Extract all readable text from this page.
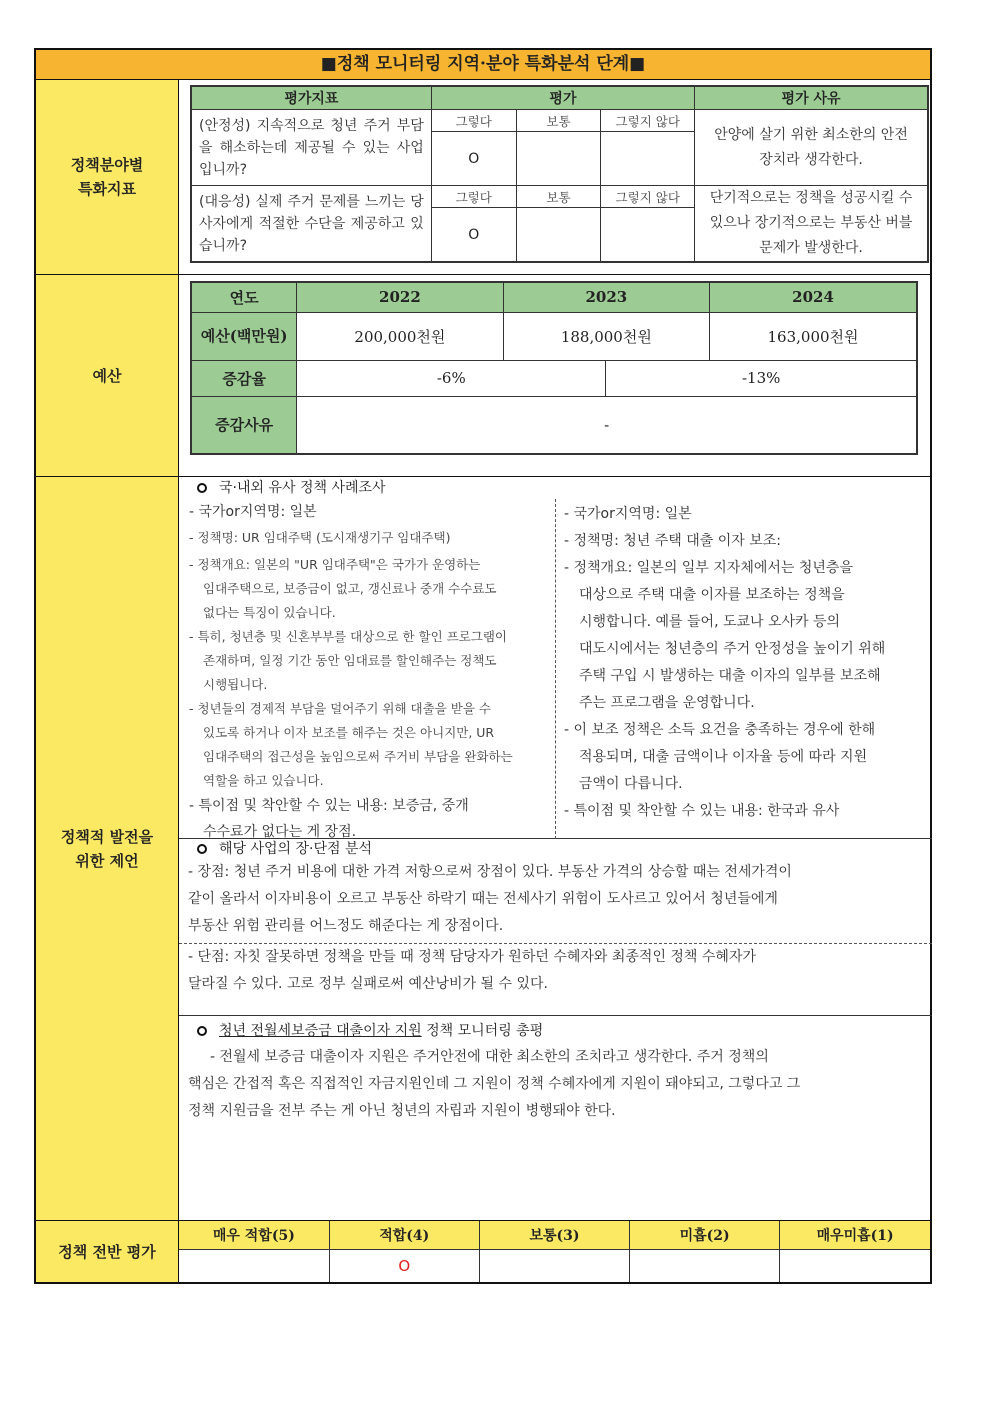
■정책 모니터링 지역·분야 특화분석 단계■
정책분야별
특화지표
평가지표	평가			평가 사유
(안정성) 지속적으로 청년 주거 부담을 해소하는데 제공될 수 있는 사업입니까?	그렇다	보통	그렇지 않다	안양에 살기 위한 최소한의 안전장치라 생각한다.
	O			
(대응성) 실제 주거 문제를 느끼는 당사자에게 적절한 수단을 제공하고 있습니까?	그렇다	보통	그렇지 않다	단기적으로는 정책을 성공시킬 수 있으나 장기적으로는 부동산 버블 문제가 발생한다.
	O			
예산
연도	2022	2023		2024
예산(백만원)	200,000천원	188,000천원		163,000천원
증감율	-6%		-13%	
증감사유	-			
정책적 발전을
위한 제언
국·내외 유사 정책 사례조사
- 국가or지역명: 일본
- 정책명: UR 임대주택 (도시재생기구 임대주택)
- 정책개요: 일본의 "UR 임대주택"은 국가가 운영하는
임대주택으로, 보증금이 없고, 갱신료나 중개 수수료도
없다는 특징이 있습니다.
- 특히, 청년층 및 신혼부부를 대상으로 한 할인 프로그램이
존재하며, 일정 기간 동안 임대료를 할인해주는 정책도
시행됩니다.
- 청년들의 경제적 부담을 덜어주기 위해 대출을 받을 수
있도록 하거나 이자 보조를 해주는 것은 아니지만, UR
임대주택의 접근성을 높임으로써 주거비 부담을 완화하는
역할을 하고 있습니다.
- 특이점 및 착안할 수 있는 내용: 보증금, 중개
수수료가 없다는 게 장점.
- 국가or지역명: 일본
- 정책명: 청년 주택 대출 이자 보조:
- 정책개요: 일본의 일부 지자체에서는 청년층을
대상으로 주택 대출 이자를 보조하는 정책을
시행합니다. 예를 들어, 도쿄나 오사카 등의
대도시에서는 청년층의 주거 안정성을 높이기 위해
주택 구입 시 발생하는 대출 이자의 일부를 보조해
주는 프로그램을 운영합니다.
- 이 보조 정책은 소득 요건을 충족하는 경우에 한해
적용되며, 대출 금액이나 이자율 등에 따라 지원
금액이 다릅니다.
- 특이점 및 착안할 수 있는 내용: 한국과 유사
해당 사업의 장·단점 분석
- 장점: 청년 주거 비용에 대한 가격 저항으로써 장점이 있다. 부동산 가격의 상승할 때는 전세가격이
같이 올라서 이자비용이 오르고 부동산 하락기 때는 전세사기 위험이 도사르고 있어서 청년들에게
부동산 위험 관리를 어느정도 해준다는 게 장점이다.
- 단점: 자칫 잘못하면 정책을 만들 때 정책 담당자가 원하던 수혜자와 최종적인 정책 수혜자가
달라질 수 있다. 고로 정부 실패로써 예산낭비가 될 수 있다.
청년 전월세보증금 대출이자 지원 정책 모니터링 총평
- 전월세 보증금 대출이자 지원은 주거안전에 대한 최소한의 조치라고 생각한다. 주거 정책의
핵심은 간접적 혹은 직접적인 자금지원인데 그 지원이 정책 수혜자에게 지원이 돼야되고, 그렇다고 그
정책 지원금을 전부 주는 게 아닌 청년의 자립과 지원이 병행돼야 한다.
정책 전반 평가
매우 적합(5)	적합(4)	보통(3)	미흡(2)	매우미흡(1)
	O			
